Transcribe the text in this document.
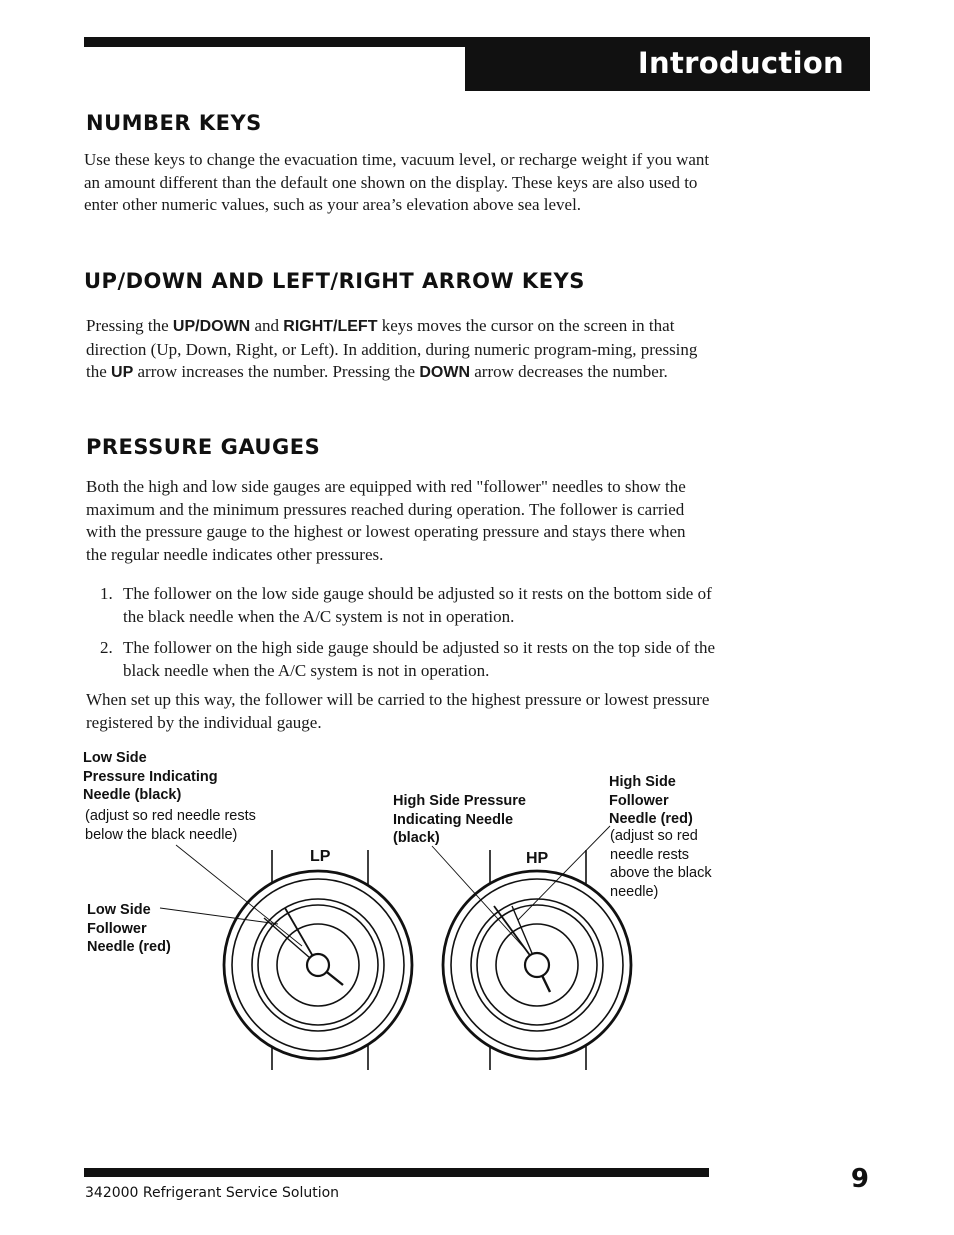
Introduction
NUMBER KEYS
Use these keys to change the evacuation time, vacuum level, or recharge weight if you want an amount different than the default one shown on the display. These keys are also used to enter other numeric values, such as your area’s elevation above sea level.
UP/DOWN AND LEFT/RIGHT ARROW KEYS
Pressing the UP/DOWN and RIGHT/LEFT keys moves the cursor on the screen in that direction (Up, Down, Right, or Left). In addition, during numeric program-ming, pressing the UP arrow increases the number. Pressing the DOWN arrow decreases the number.
PRESSURE GAUGES
Both the high and low side gauges are equipped with red "follower" needles to show the maximum and the minimum pressures reached during operation. The follower is carried with the pressure gauge to the highest or lowest operating pressure and stays there when the regular needle indicates other pressures.
1. The follower on the low side gauge should be adjusted so it rests on the bottom side of the black needle when the A/C system is not in operation.
2. The follower on the high side gauge should be adjusted so it rests on the top side of the black needle when the A/C system is not in operation.
When set up this way, the follower will be carried to the highest pressure or lowest pressure registered by the individual gauge.
Low Side
Pressure Indicating
Needle (black)
(adjust so red needle rests
below the black needle)
Low Side
Follower
Needle (red)
High Side Pressure
Indicating Needle
(black)
High Side
Follower
Needle (red)
(adjust so red
needle rests
above the black
needle)
LP	HP
342000 Refrigerant Service Solution	9
